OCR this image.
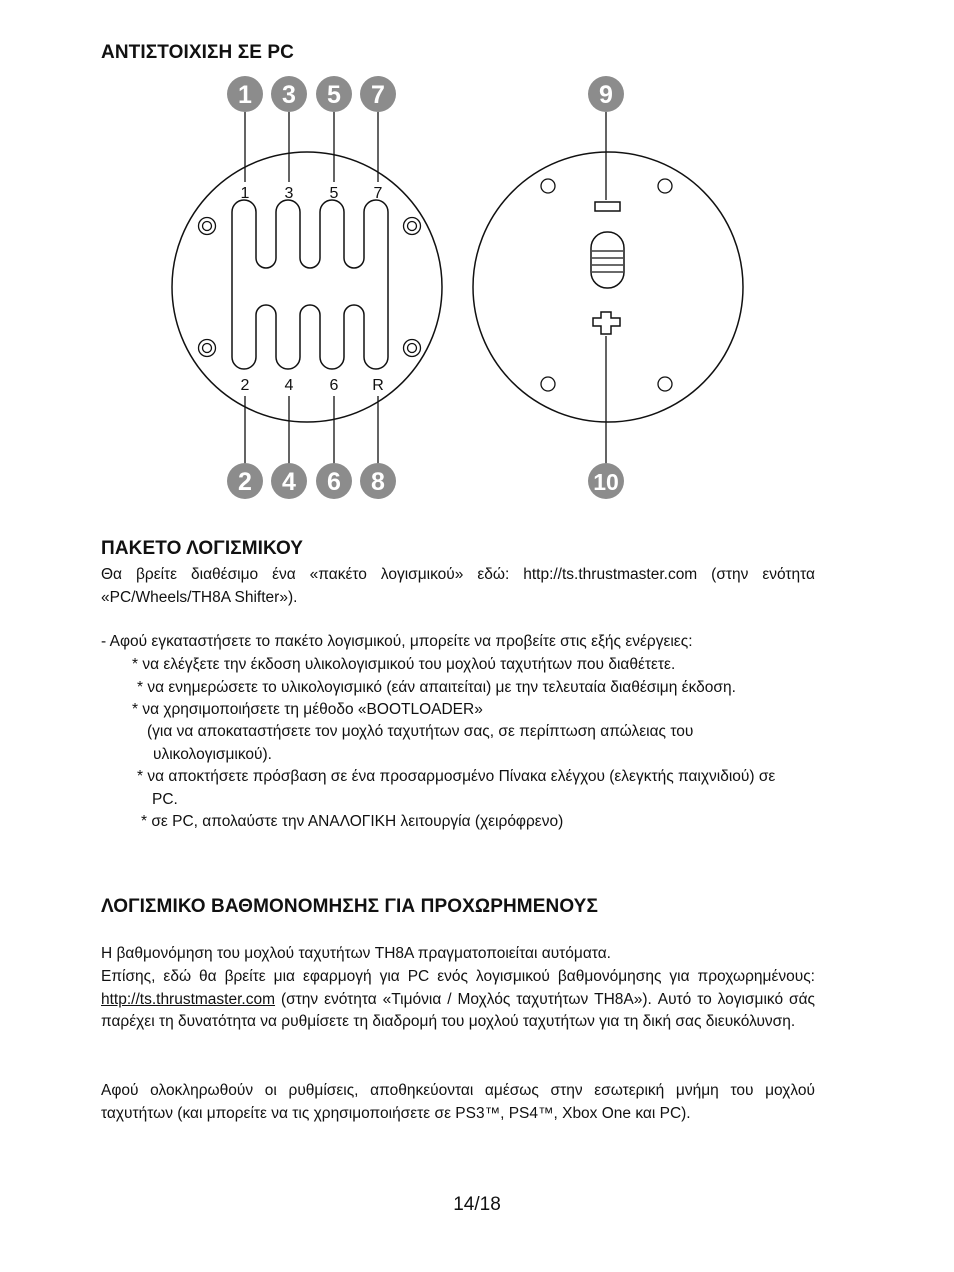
ΑΝΤΙΣΤΟΙΧΙΣΗ ΣΕ PC
1 3 5 7
2 4 6 R
1 3 5 7	9
2 4 6 8	10
ΠΑΚΕΤΟ ΛΟΓΙΣΜΙΚΟΥ

Θα βρείτε διαθέσιμο ένα «πακέτο λογισμικού» εδώ: http://ts.thrustmaster.com (στην ενότητα «PC/Wheels/TH8A Shifter»).

- Αφού εγκαταστήσετε το πακέτο λογισμικού, μπορείτε να προβείτε στις εξής ενέργειες:

* να ελέγξετε την έκδοση υλικολογισμικού του μοχλού ταχυτήτων που διαθέτετε.

* να ενημερώσετε το υλικολογισμικό (εάν απαιτείται) με την τελευταία διαθέσιμη έκδοση.

* να χρησιμοποιήσετε τη μέθοδο «BOOTLOADER»

(για να αποκαταστήσετε τον μοχλό ταχυτήτων σας, σε περίπτωση απώλειας του

υλικολογισμικού).

* να αποκτήσετε πρόσβαση σε ένα προσαρμοσμένο Πίνακα ελέγχου (ελεγκτής παιχνιδιού) σε

PC.

* σε PC, απολαύστε την ΑΝΑΛΟΓΙΚΗ λειτουργία (χειρόφρενο)

ΛΟΓΙΣΜΙΚΟ ΒΑΘΜΟΝΟΜΗΣΗΣ ΓΙΑ ΠΡΟΧΩΡΗΜΕΝΟΥΣ

Η βαθμονόμηση του μοχλού ταχυτήτων TH8A πραγματοποιείται αυτόματα.

Επίσης, εδώ θα βρείτε μια εφαρμογή για PC ενός λογισμικού βαθμονόμησης για προχωρημένους: http://ts.thrustmaster.com (στην ενότητα «Τιμόνια / Μοχλός ταχυτήτων TH8A»). Αυτό το λογισμικό σάς παρέχει τη δυνατότητα να ρυθμίσετε τη διαδρομή του μοχλού ταχυτήτων για τη δική σας διευκόλυνση.

Αφού ολοκληρωθούν οι ρυθμίσεις, αποθηκεύονται αμέσως στην εσωτερική μνήμη του μοχλού ταχυτήτων (και μπορείτε να τις χρησιμοποιήσετε σε PS3™, PS4™, Xbox One και PC).

14/18
